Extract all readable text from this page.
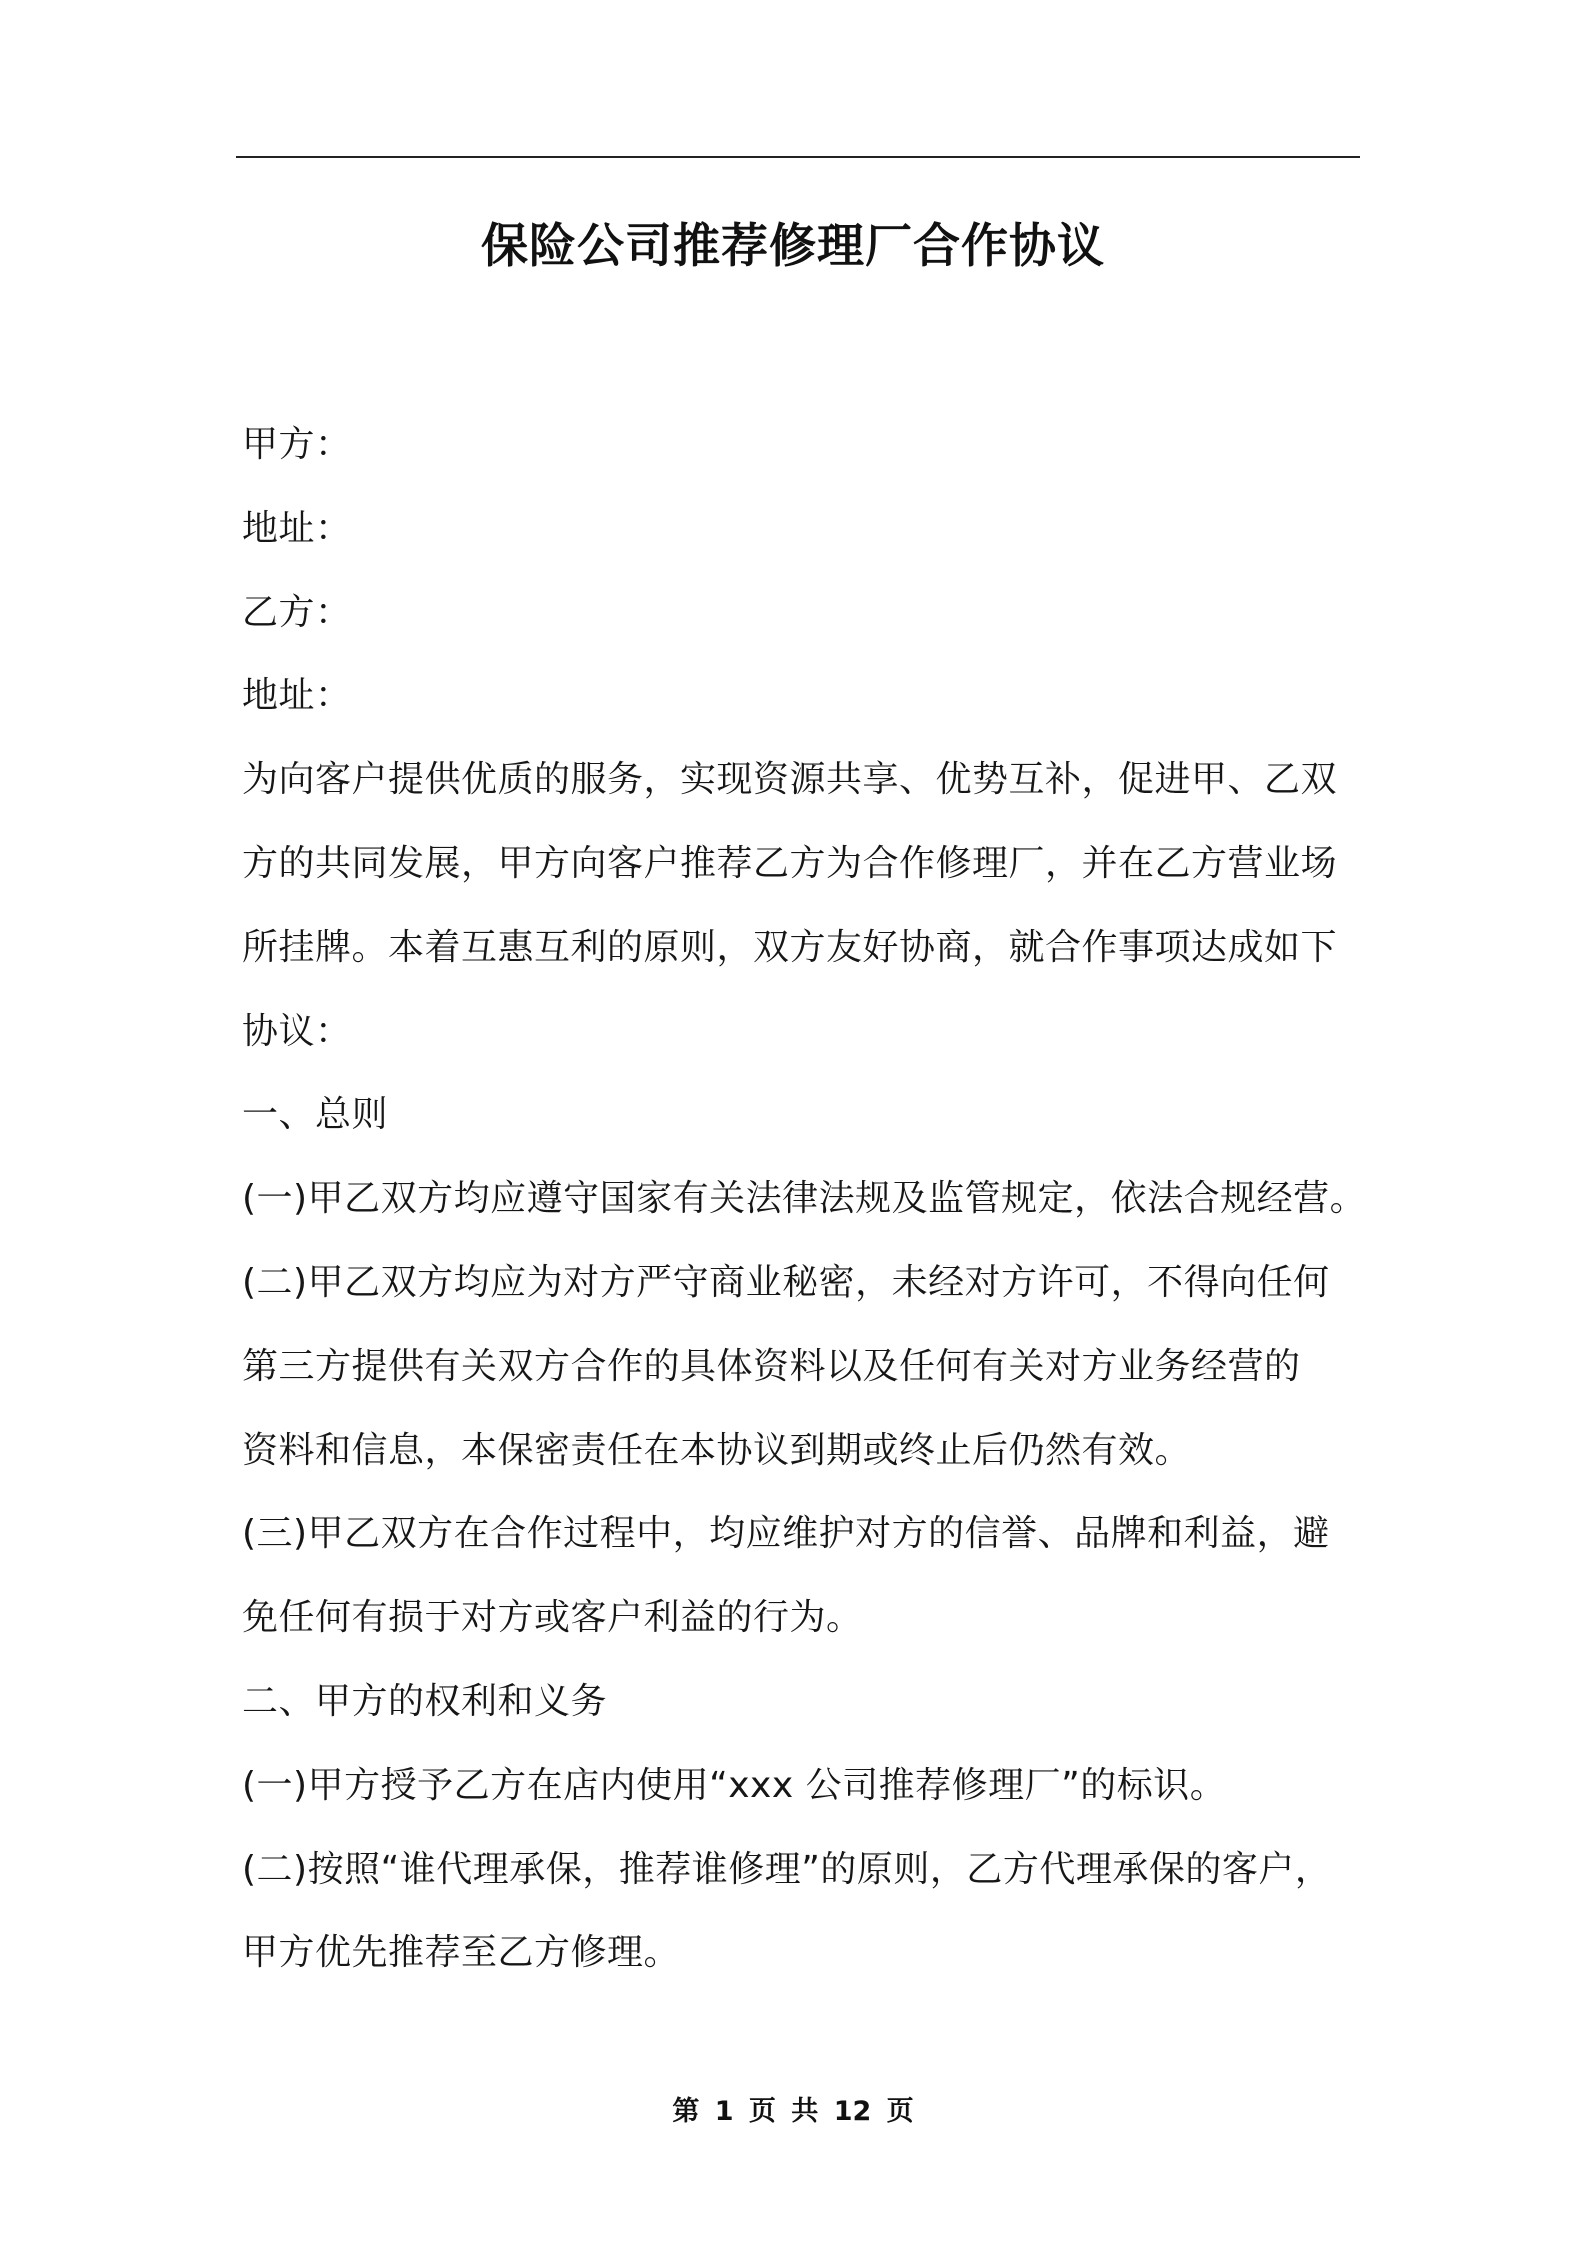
保险公司推荐修理厂合作协议
甲方：
地址：
乙方：
地址：
为向客户提供优质的服务，实现资源共享、优势互补，促进甲、乙双
方的共同发展，甲方向客户推荐乙方为合作修理厂，并在乙方营业场
所挂牌。本着互惠互利的原则，双方友好协商，就合作事项达成如下
协议：
一、总则
(一)甲乙双方均应遵守国家有关法律法规及监管规定，依法合规经营。
(二)甲乙双方均应为对方严守商业秘密，未经对方许可，不得向任何
第三方提供有关双方合作的具体资料以及任何有关对方业务经营的
资料和信息，本保密责任在本协议到期或终止后仍然有效。
(三)甲乙双方在合作过程中，均应维护对方的信誉、品牌和利益，避
免任何有损于对方或客户利益的行为。
二、甲方的权利和义务
(一)甲方授予乙方在店内使用“xxx 公司推荐修理厂”的标识。
(二)按照“谁代理承保，推荐谁修理”的原则，乙方代理承保的客户，
甲方优先推荐至乙方修理。
第 1 页 共 12 页
